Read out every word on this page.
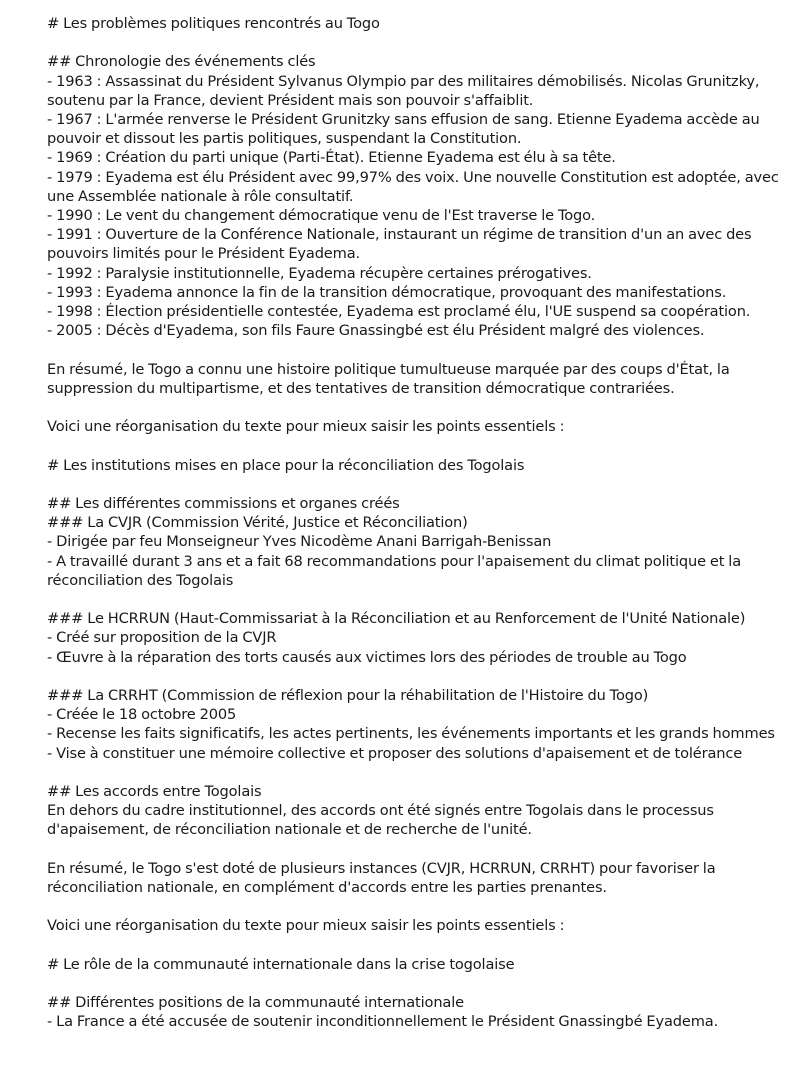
# Les problèmes politiques rencontrés au Togo
## Chronologie des événements clés
- 1963 : Assassinat du Président Sylvanus Olympio par des militaires démobilisés. Nicolas Grunitzky, soutenu par la France, devient Président mais son pouvoir s'affaiblit.
- 1967 : L'armée renverse le Président Grunitzky sans effusion de sang. Etienne Eyadema accède au pouvoir et dissout les partis politiques, suspendant la Constitution.
- 1969 : Création du parti unique (Parti-État). Etienne Eyadema est élu à sa tête.
- 1979 : Eyadema est élu Président avec 99,97% des voix. Une nouvelle Constitution est adoptée, avec une Assemblée nationale à rôle consultatif.
- 1990 : Le vent du changement démocratique venu de l'Est traverse le Togo.
- 1991 : Ouverture de la Conférence Nationale, instaurant un régime de transition d'un an avec des pouvoirs limités pour le Président Eyadema.
- 1992 : Paralysie institutionnelle, Eyadema récupère certaines prérogatives.
- 1993 : Eyadema annonce la fin de la transition démocratique, provoquant des manifestations.
- 1998 : Élection présidentielle contestée, Eyadema est proclamé élu, l'UE suspend sa coopération.
- 2005 : Décès d'Eyadema, son fils Faure Gnassingbé est élu Président malgré des violences.
En résumé, le Togo a connu une histoire politique tumultueuse marquée par des coups d'État, la suppression du multipartisme, et des tentatives de transition démocratique contrariées.
Voici une réorganisation du texte pour mieux saisir les points essentiels :
# Les institutions mises en place pour la réconciliation des Togolais
## Les différentes commissions et organes créés
### La CVJR (Commission Vérité, Justice et Réconciliation)
- Dirigée par feu Monseigneur Yves Nicodème Anani Barrigah-Benissan
- A travaillé durant 3 ans et a fait 68 recommandations pour l'apaisement du climat politique et la réconciliation des Togolais
### Le HCRRUN (Haut-Commissariat à la Réconciliation et au Renforcement de l'Unité Nationale)
- Créé sur proposition de la CVJR
- Œuvre à la réparation des torts causés aux victimes lors des périodes de trouble au Togo
### La CRRHT (Commission de réflexion pour la réhabilitation de l'Histoire du Togo)
- Créée le 18 octobre 2005
- Recense les faits significatifs, les actes pertinents, les événements importants et les grands hommes
- Vise à constituer une mémoire collective et proposer des solutions d'apaisement et de tolérance
## Les accords entre Togolais
En dehors du cadre institutionnel, des accords ont été signés entre Togolais dans le processus d'apaisement, de réconciliation nationale et de recherche de l'unité.
En résumé, le Togo s'est doté de plusieurs instances (CVJR, HCRRUN, CRRHT) pour favoriser la réconciliation nationale, en complément d'accords entre les parties prenantes.
Voici une réorganisation du texte pour mieux saisir les points essentiels :
# Le rôle de la communauté internationale dans la crise togolaise
## Différentes positions de la communauté internationale
- La France a été accusée de soutenir inconditionnellement le Président Gnassingbé Eyadema.
